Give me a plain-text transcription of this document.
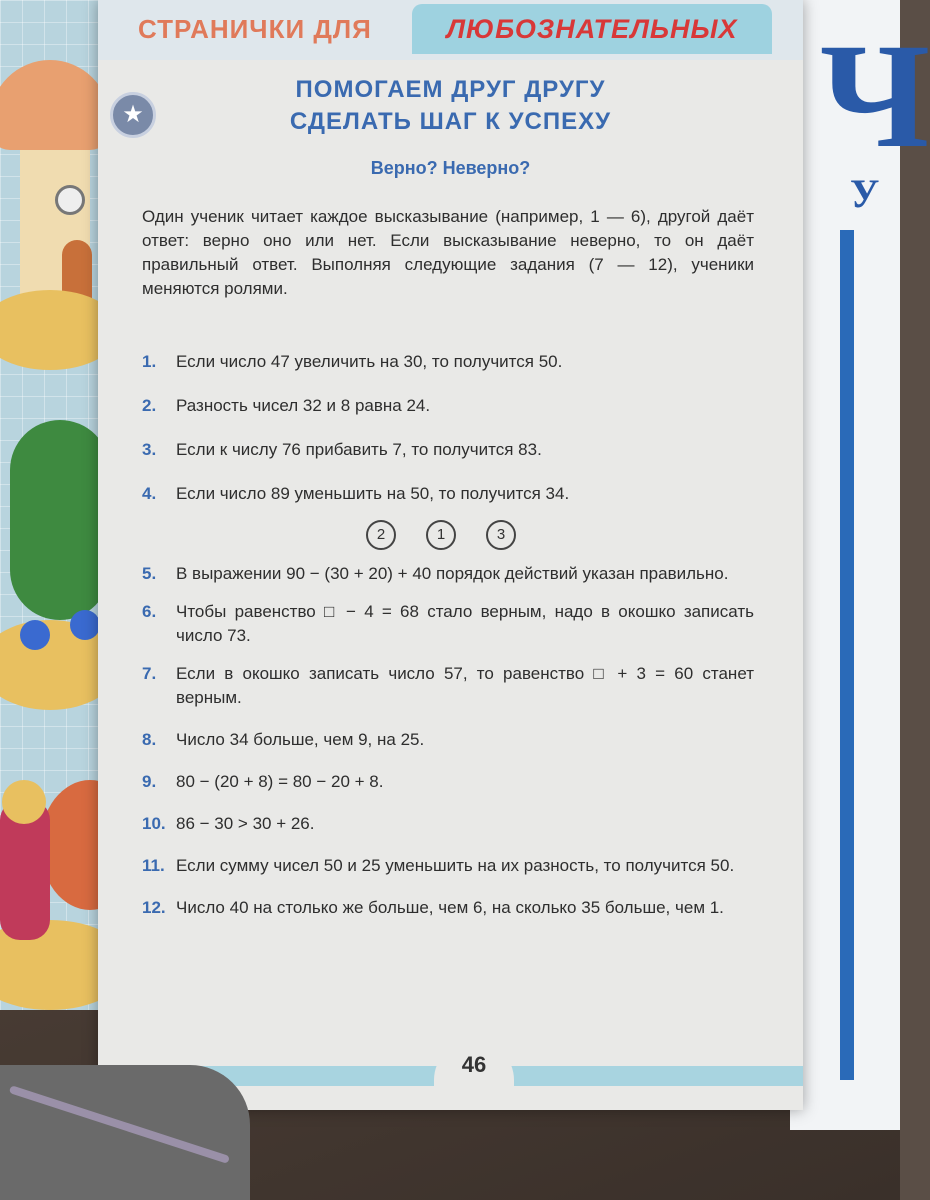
Ч
У
СТРАНИЧКИ ДЛЯ	ЛЮБОЗНАТЕЛЬНЫХ
★
ПОМОГАЕМ ДРУГ ДРУГУ
СДЕЛАТЬ ШАГ К УСПЕХУ
Верно? Неверно?

Один ученик читает каждое высказывание (например, 1 — 6), другой даёт ответ: верно оно или нет. Если высказывание неверно, то он даёт правильный ответ. Выполняя следующие задания (7 — 12), ученики меняются ролями.

1.	Если число 47 увеличить на 30, то получится 50.
2.	Разность чисел 32 и 8 равна 24.
3.	Если к числу 76 прибавить 7, то получится 83.
4.	Если число 89 уменьшить на 50, то получится 34.
5.	В выражении 90 − (30 + 20) + 40 порядок действий указан правильно.
6.	Чтобы равенство □ − 4 = 68 стало верным, надо в окошко записать число 73.
7.	Если в окошко записать число 57, то равенство □ + 3 = 60 станет верным.
8.	Число 34 больше, чем 9, на 25.
9.	80 − (20 + 8) = 80 − 20 + 8.
10. 86 − 30 > 30 + 26.
11. Если сумму чисел 50 и 25 уменьшить на их разность, то получится 50.
12. Число 40 на столько же больше, чем 6, на сколько 35 больше, чем 1.
2	1	3
46
